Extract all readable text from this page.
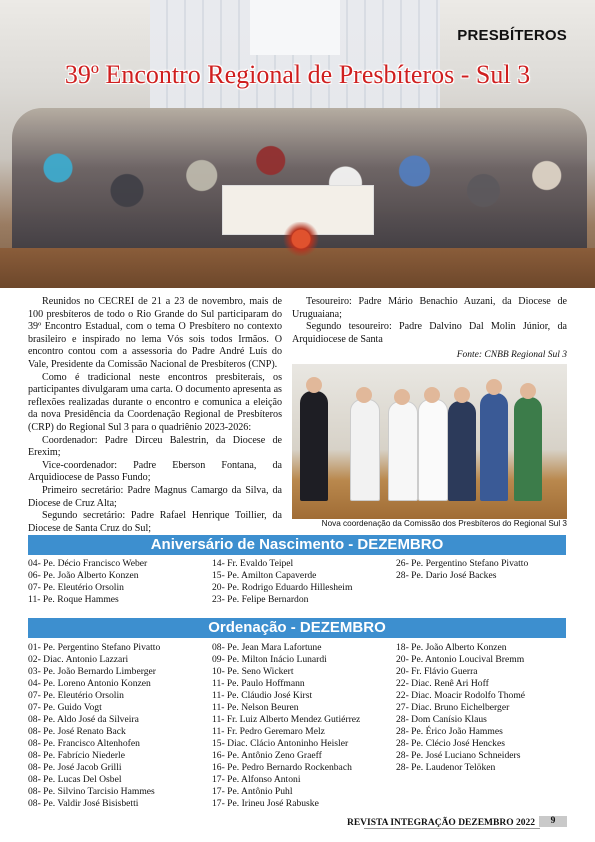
PRESBÍTEROS
39º Encontro Regional de Presbíteros - Sul 3

Reunidos no CECREI de 21 a 23 de novembro, mais de 100 presbíteros de todo o Rio Grande do Sul participaram do 39º Encontro Estadual, com o tema O Presbítero no contexto brasileiro e inspirado no lema Vós sois todos Irmãos. O encontro contou com a assessoria do Padre André Luís do Vale, Presidente da Comissão Nacional de Presbíteros (CNP).

Como é tradicional neste encontros presbiterais, os participantes divulgaram uma carta. O documento apresenta as reflexões realizadas durante o encontro e comunica a eleição da nova Presidência da Coordenação Regional de Presbíteros (CRP) do Regional Sul 3 para o quadriênio 2023-2026:

Coordenador: Padre Dirceu Balestrin, da Diocese de Erexim;

Vice-coordenador: Padre Eberson Fontana, da Arquidiocese de Passo Fundo;

Primeiro secretário: Padre Magnus Camargo da Silva, da Diocese de Cruz Alta;

Segundo secretário: Padre Rafael Henrique Toillier, da Diocese de Santa Cruz do Sul;

Tesoureiro: Padre Mário Benachio Auzani, da Diocese de Uruguaiana;

Segundo tesoureiro: Padre Dalvino Dal Molin Júnior, da Arquidiocese de Santa

Fonte: CNBB Regional Sul 3
Nova coordenação da Comissão dos Presbíteros do Regional Sul 3
Aniversário de Nascimento - DEZEMBRO
04- Pe. Décio Francisco Weber
06- Pe. João Alberto Konzen
07- Pe. Eleutério Orsolin
11- Pe. Roque Hammes
14- Fr. Evaldo Teipel
15- Pe. Amilton Capaverde
20- Pe. Rodrigo Eduardo Hillesheim
23- Pe. Felipe Bernardon
26- Pe. Pergentino Stefano Pivatto
28- Pe. Dario José Backes
Ordenação - DEZEMBRO
01- Pe. Pergentino Stefano Pivatto
02- Diac. Antonio Lazzari
03- Pe. João Bernardo Limberger
04- Pe. Loreno Antonio Konzen
07- Pe. Eleutério Orsolin
07- Pe. Guido Vogt
08- Pe. Aldo José da Silveira
08- Pe. José Renato Back
08- Pe. Francisco Altenhofen
08- Pe. Fabrício Niederle
08- Pe. José Jacob Grilli
08- Pe. Lucas Del Osbel
08- Pe. Silvino Tarcisio Hammes
08- Pe. Valdir José Bisisbetti
08- Pe. Jean Mara Lafortune
09- Pe. Milton Inácio Lunardi
10- Pe. Seno Wickert
11- Pe. Paulo Hoffmann
11- Pe. Cláudio José Kirst
11- Pe. Nelson Beuren
11- Fr. Luiz Alberto Mendez Gutiérrez
11- Fr. Pedro Geremaro Melz
15- Diac. Clácio Antoninho Heisler
16- Pe. Antônio Zeno Graeff
16- Pe. Pedro Bernardo Rockenbach
17- Pe. Alfonso Antoni
17- Pe. Antônio Puhl
17- Pe. Irineu José Rabuske
18- Pe. João Alberto Konzen
20- Pe. Antonio Loucival Bremm
20- Fr. Flávio Guerra
22- Diac. Renê Ari Hoff
22- Diac. Moacir Rodolfo Thomé
27- Diac. Bruno Eichelberger
28- Dom Canísio Klaus
28- Pe. Érico João Hammes
28- Pe. Clécio José Henckes
28- Pe. José Luciano Schneiders
28- Pe. Laudenor Telöken
REVISTA INTEGRAÇÃO DEZEMBRO 2022	9
